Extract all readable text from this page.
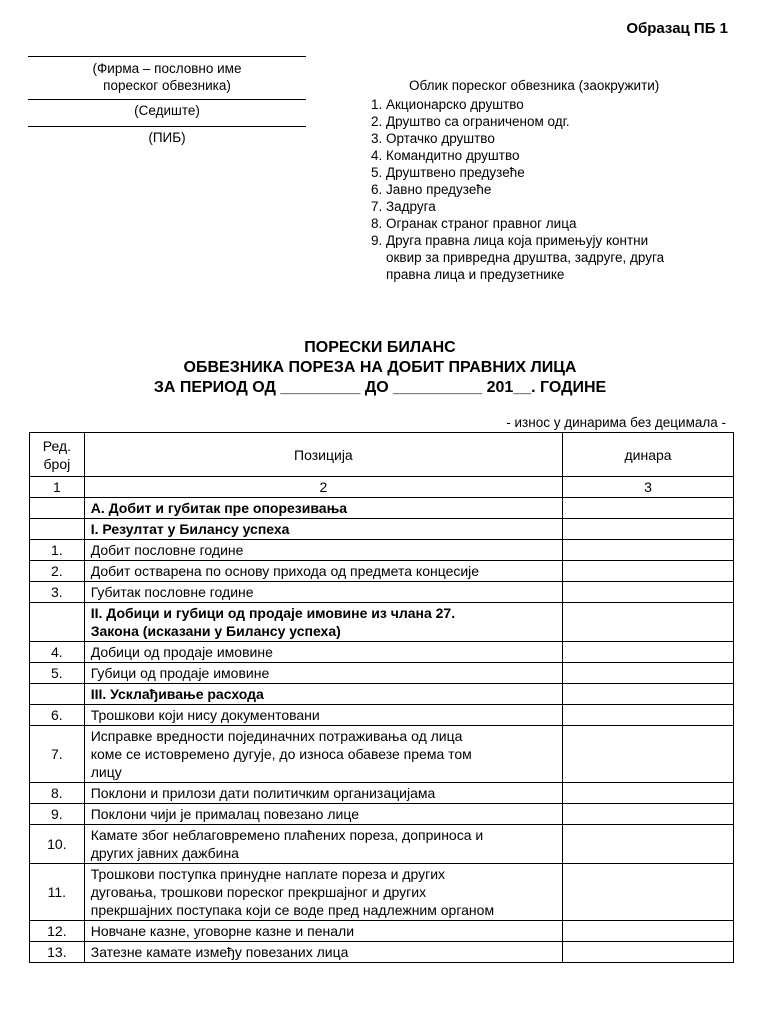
Образац ПБ 1
(Фирма – пословно име
пореског обвезника)
(Седиште)
(ПИБ)
Облик пореског обвезника (заокружити)
1. Акционарско друштво
2. Друштво са ограниченом одг.
3. Ортачко друштво
4. Командитно друштво
5. Друштвено предузеће
6. Јавно предузеће
7. Задруга
8. Огранак страног правног лица
9. Друга правна лица која примењују контни
оквир за привредна друштва, задруге, друга
правна лица и предузетнике
ПОРЕСКИ БИЛАНС
ОБВЕЗНИКА ПОРЕЗА НА ДОБИТ ПРАВНИХ ЛИЦА
ЗА ПЕРИОД ОД _________ ДО __________ 201__. ГОДИНЕ
- износ у динарима без децимала -
Ред.
број	Позиција	динара
1	2	3
	А. Добит и губитак пре опорезивања	
	I. Резултат у Билансу успеха	
1.	Добит пословне године	
2.	Добит остварена по основу прихода од предмета концесије	
3.	Губитак пословне године	
	II. Добици и губици од продаје имовине из члана 27.
Закона (исказани у Билансу успеха)	
4.	Добици од продаје имовине	
5.	Губици од продаје имовине	
	III. Усклађивање расхода	
6.	Трошкови који нису документовани	
7.	Исправке вредности појединачних потраживања од лица
коме се истовремено дугује, до износа обавезе према том
лицу	
8.	Поклони и прилози дати политичким организацијама	
9.	Поклони чији је прималац повезано лице	
10.	Камате због неблаговремено плаћених пореза, доприноса и
других јавних дажбина	
11.	Трошкови поступка принудне наплате пореза и других
дуговања, трошкови пореског прекршајног и других
прекршајних поступака који се воде пред надлежним органом	
12.	Новчане казне, уговорне казне и пенали	
13.	Затезне камате између повезаних лица	
